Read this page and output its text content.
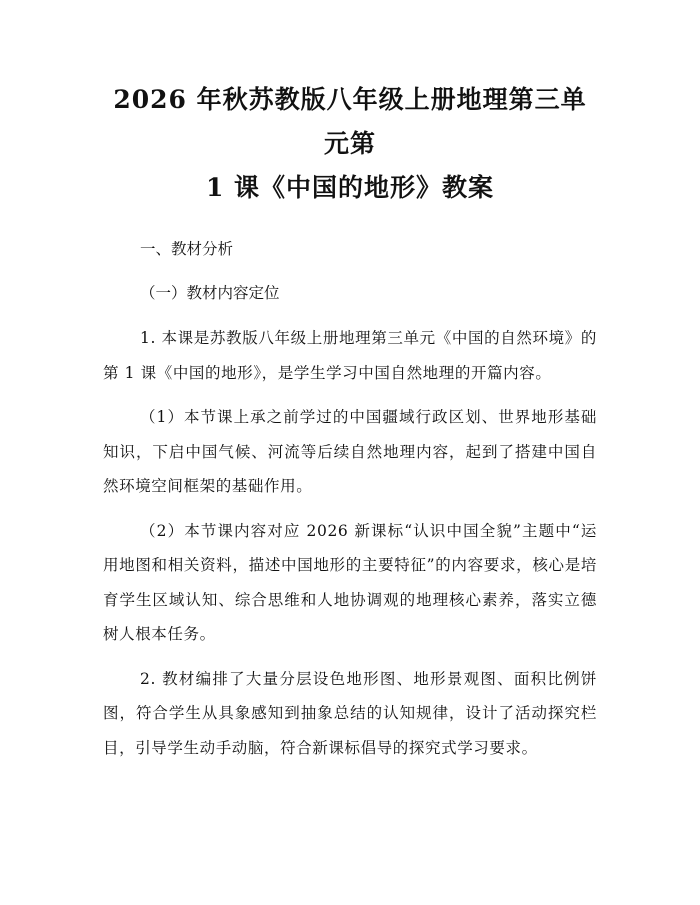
2026 年秋苏教版八年级上册地理第三单元第
1 课《中国的地形》教案

一、教材分析

（一）教材内容定位

1. 本课是苏教版八年级上册地理第三单元《中国的自然环境》的第 1 课《中国的地形》，是学生学习中国自然地理的开篇内容。

（1）本节课上承之前学过的中国疆域行政区划、世界地形基础知识，下启中国气候、河流等后续自然地理内容，起到了搭建中国自然环境空间框架的基础作用。

（2）本节课内容对应 2026 新课标“认识中国全貌”主题中“运用地图和相关资料，描述中国地形的主要特征”的内容要求，核心是培育学生区域认知、综合思维和人地协调观的地理核心素养，落实立德树人根本任务。

2. 教材编排了大量分层设色地形图、地形景观图、面积比例饼图，符合学生从具象感知到抽象总结的认知规律，设计了活动探究栏目，引导学生动手动脑，符合新课标倡导的探究式学习要求。
